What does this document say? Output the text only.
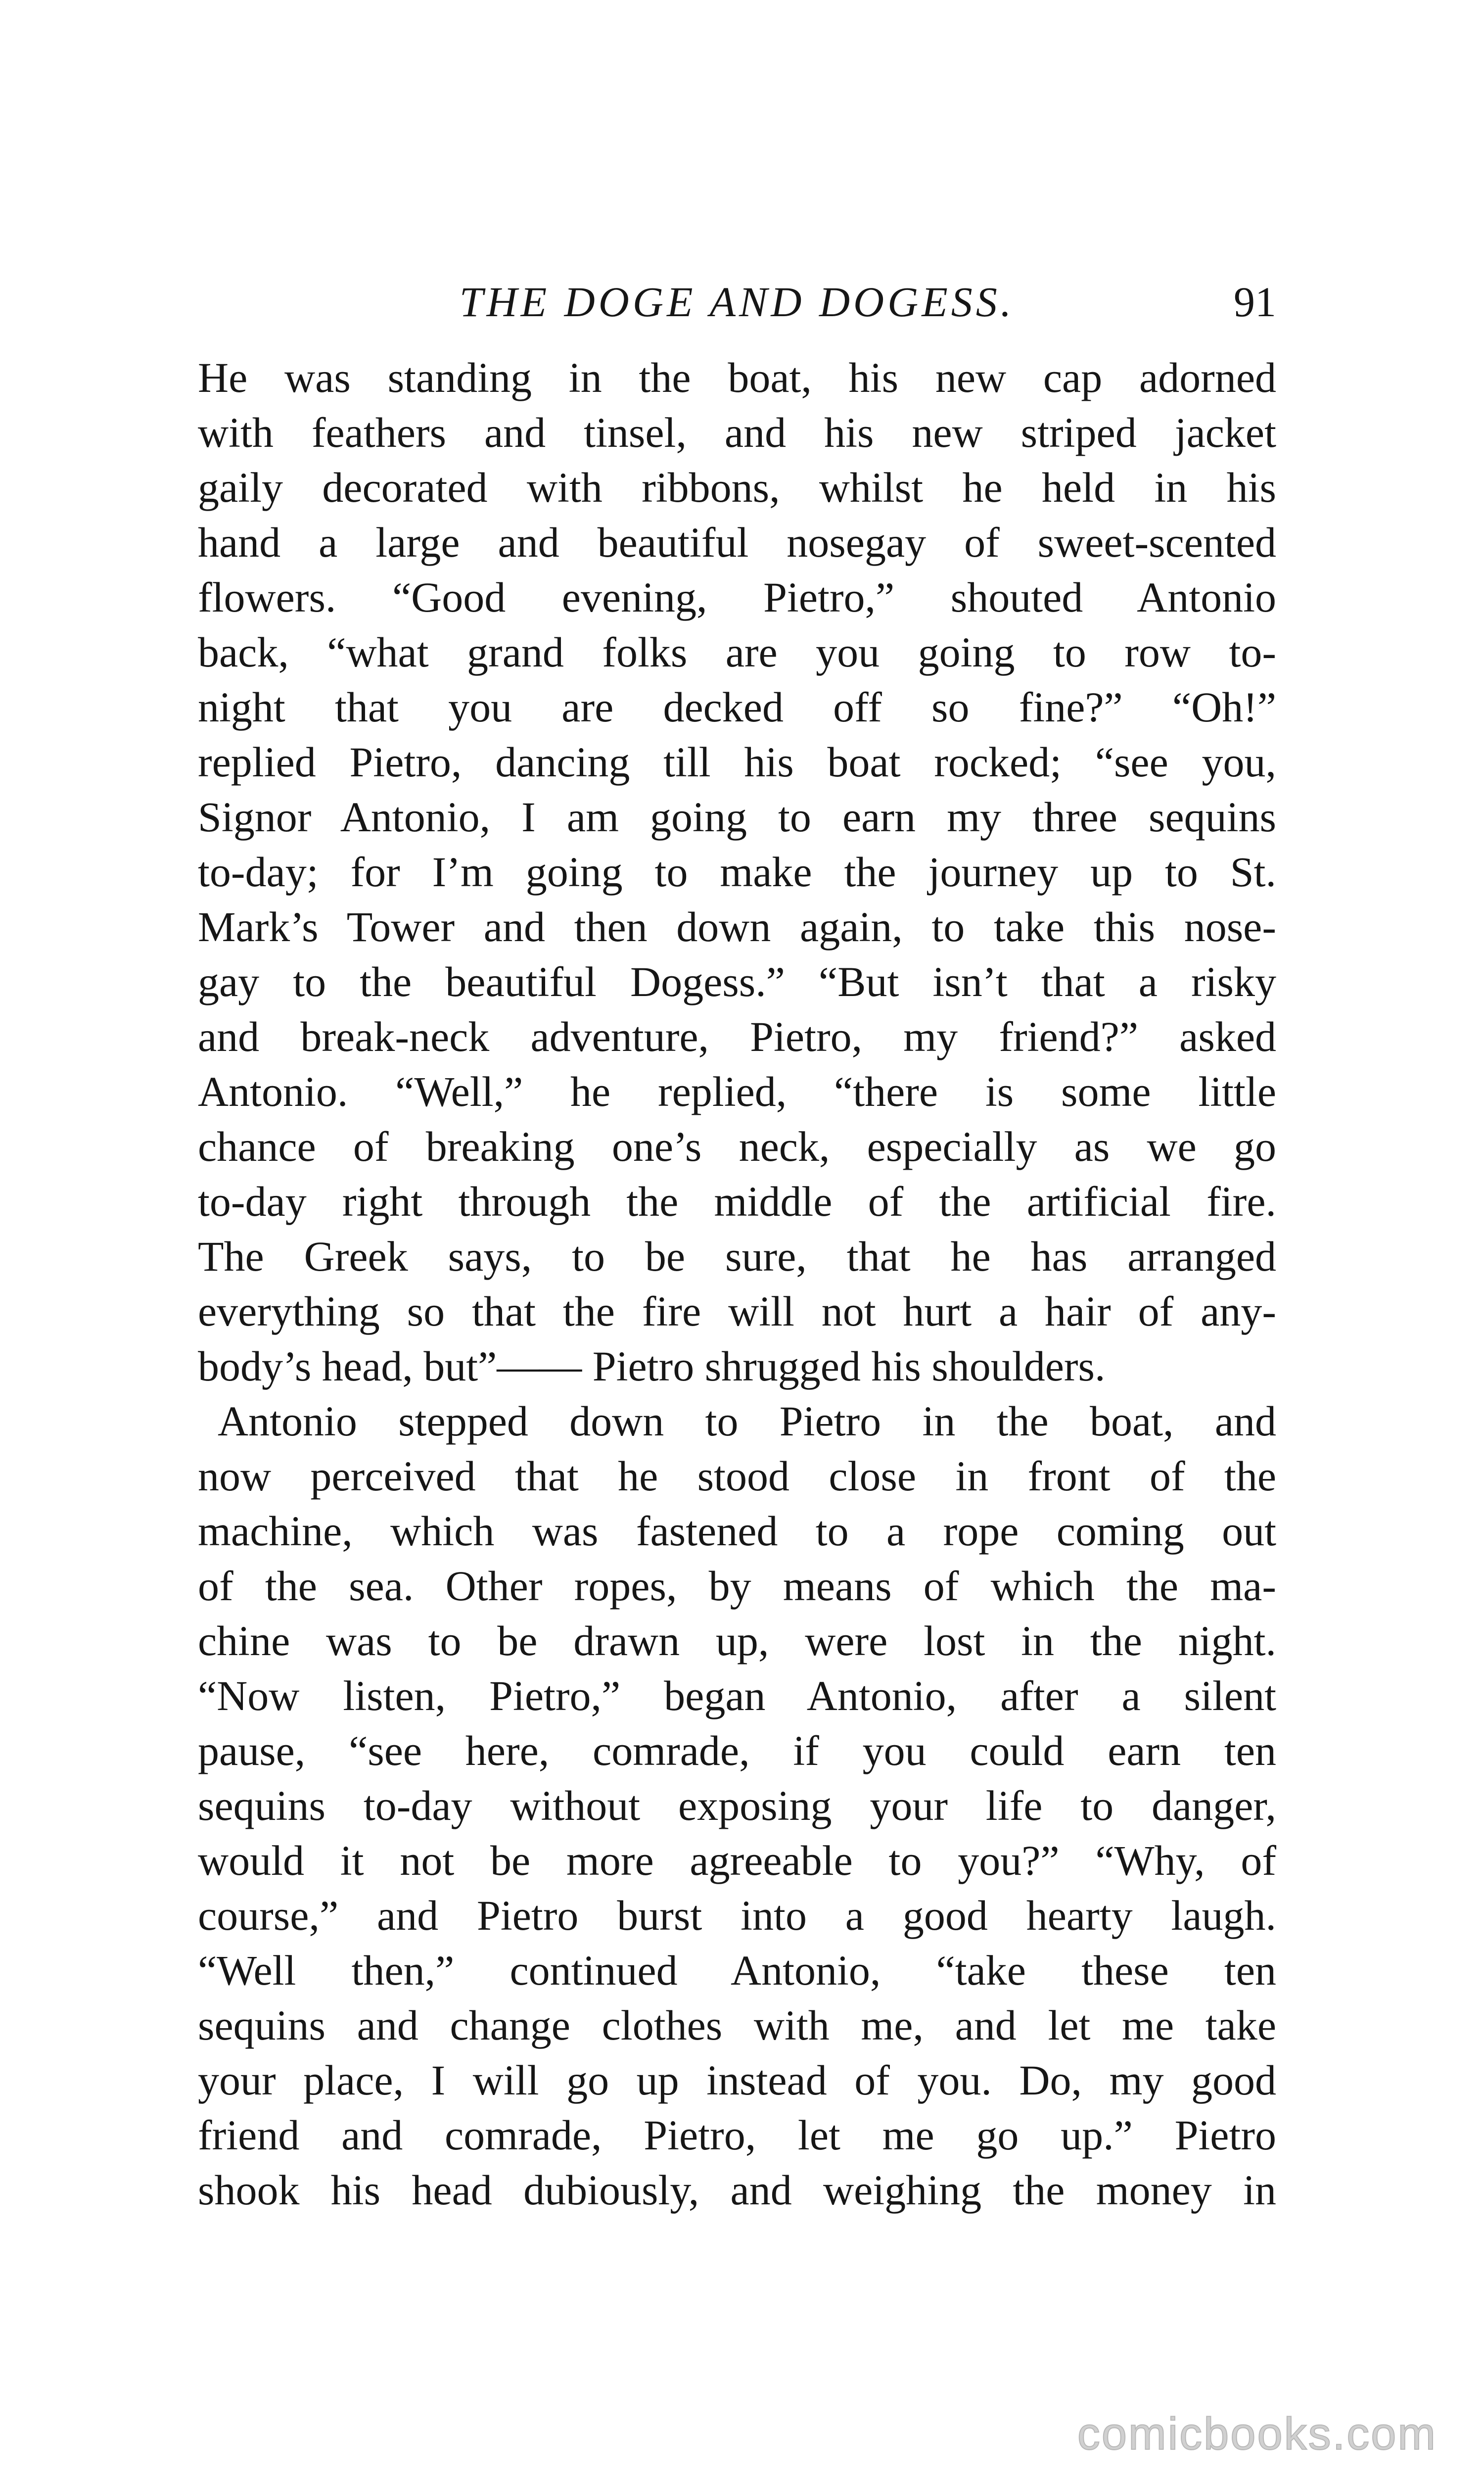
THE DOGE AND DOGESS.	91
He was standing in the boat, his new cap adorned
with feathers and tinsel, and his new striped jacket
gaily decorated with ribbons, whilst he held in his
hand a large and beautiful nosegay of sweet-scented
flowers. “Good evening, Pietro,” shouted Antonio
back, “what grand folks are you going to row to-
night that you are decked off so fine?” “Oh!”
replied Pietro, dancing till his boat rocked; “see you,
Signor Antonio, I am going to earn my three sequins
to-day; for I’m going to make the journey up to St.
Mark’s Tower and then down again, to take this nose-
gay to the beautiful Dogess.” “But isn’t that a risky
and break-neck adventure, Pietro, my friend?” asked
Antonio. “Well,” he replied, “there is some little
chance of breaking one’s neck, especially as we go
to-day right through the middle of the artificial fire.
The Greek says, to be sure, that he has arranged
everything so that the fire will not hurt a hair of any-
body’s head, but”—— Pietro shrugged his shoulders.
Antonio stepped down to Pietro in the boat, and
now perceived that he stood close in front of the
machine, which was fastened to a rope coming out
of the sea. Other ropes, by means of which the ma-
chine was to be drawn up, were lost in the night.
“Now listen, Pietro,” began Antonio, after a silent
pause, “see here, comrade, if you could earn ten
sequins to-day without exposing your life to danger,
would it not be more agreeable to you?” “Why, of
course,” and Pietro burst into a good hearty laugh.
“Well then,” continued Antonio, “take these ten
sequins and change clothes with me, and let me take
your place, I will go up instead of you. Do, my good
friend and comrade, Pietro, let me go up.” Pietro
shook his head dubiously, and weighing the money in
comicbooks.com
